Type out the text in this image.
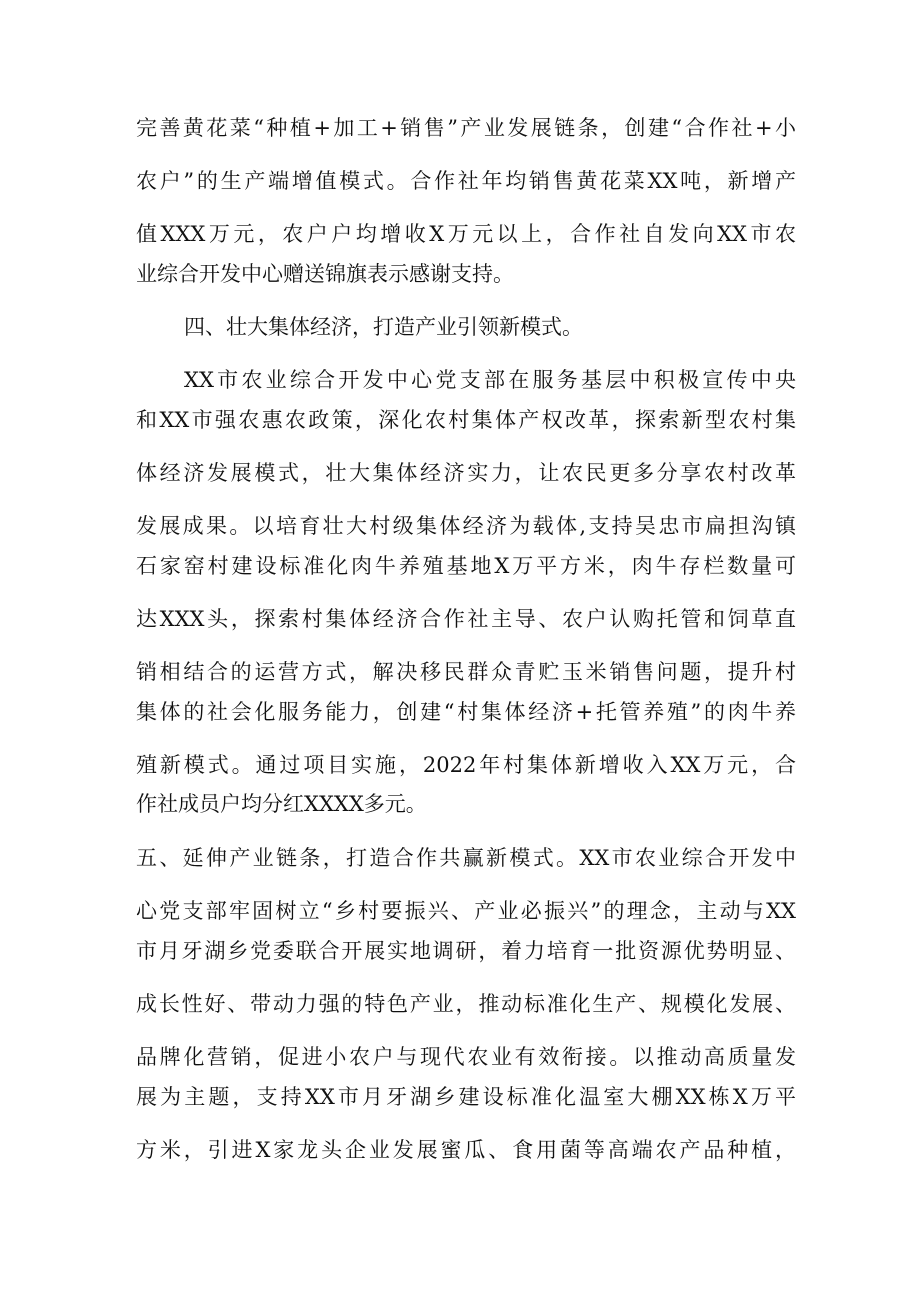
完善黄花菜“种植+加工+销售”产业发展链条，创建“合作社+小
农户”的生产端增值模式。合作社年均销售黄花菜XX吨，新增产
值XXX万元，农户户均增收X万元以上，合作社自发向XX市农
业综合开发中心赠送锦旗表示感谢支持。
四、壮大集体经济，打造产业引领新模式。
XX市农业综合开发中心党支部在服务基层中积极宣传中央
和XX市强农惠农政策，深化农村集体产权改革，探索新型农村集
体经济发展模式，壮大集体经济实力，让农民更多分享农村改革
发展成果。以培育壮大村级集体经济为载体,支持吴忠市扁担沟镇
石家窑村建设标准化肉牛养殖基地X万平方米，肉牛存栏数量可
达XXX头，探索村集体经济合作社主导、农户认购托管和饲草直
销相结合的运营方式，解决移民群众青贮玉米销售问题，提升村
集体的社会化服务能力，创建“村集体经济+托管养殖”的肉牛养
殖新模式。通过项目实施，2022年村集体新增收入XX万元，合
作社成员户均分红XXXX多元。
五、延伸产业链条，打造合作共赢新模式。XX市农业综合开发中
心党支部牢固树立“乡村要振兴、产业必振兴”的理念，主动与XX
市月牙湖乡党委联合开展实地调研，着力培育一批资源优势明显、
成长性好、带动力强的特色产业，推动标准化生产、规模化发展、
品牌化营销，促进小农户与现代农业有效衔接。以推动高质量发
展为主题，支持XX市月牙湖乡建设标准化温室大棚XX栋X万平
方米，引进X家龙头企业发展蜜瓜、食用菌等高端农产品种植，
